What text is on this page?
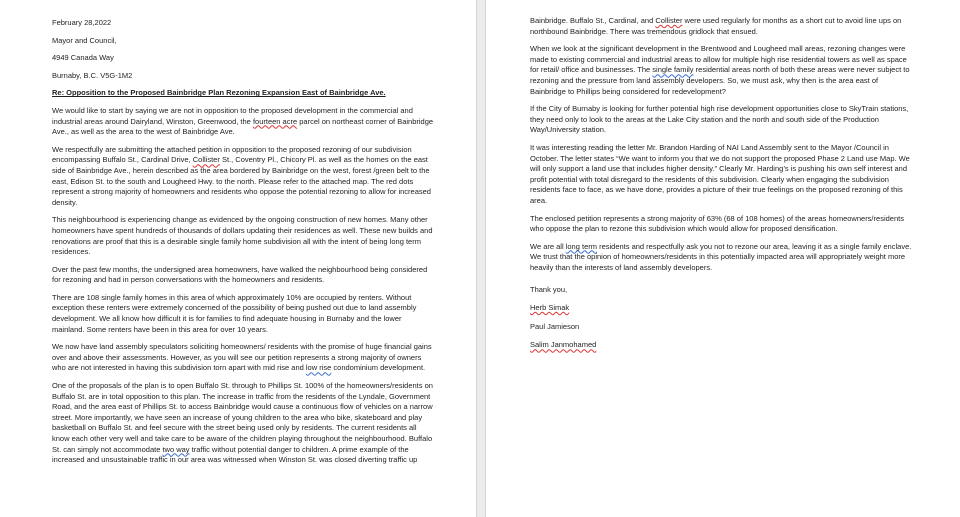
February 28,2022
Mayor and Council,
4949 Canada Way
Burnaby, B.C. V5G-1M2
Re: Opposition to the Proposed Bainbridge Plan Rezoning Expansion East of Bainbridge Ave.

We would like to start by saying we are not in opposition to the proposed development in the commercial and industrial areas around Dairyland, Winston, Greenwood, the fourteen acre parcel on northeast corner of Bainbridge Ave., as well as the area to the west of Bainbridge Ave.

We respectfully are submitting the attached petition in opposition to the proposed rezoning of our subdivision encompassing Buffalo St., Cardinal Drive, Collister St., Coventry Pl., Chicory Pl. as well as the homes on the east side of Bainbridge Ave., herein described as the area bordered by Bainbridge on the west, forest /green belt to the east, Edison St. to the south and Lougheed Hwy. to the north. Please refer to the attached map. The red dots represent a strong majority of homeowners and residents who oppose the potential rezoning to allow for increased density.

This neighbourhood is experiencing change as evidenced by the ongoing construction of new homes. Many other homeowners have spent hundreds of thousands of dollars updating their residences as well. These new builds and renovations are proof that this is a desirable single family home subdivision all with the intent of being long term residences.

Over the past few months, the undersigned area homeowners, have walked the neighbourhood being considered for rezoning and had in person conversations with the homeowners and residents.

There are 108 single family homes in this area of which approximately 10% are occupied by renters. Without exception these renters were extremely concerned of the possibility of being pushed out due to land assembly development. We all know how difficult it is for families to find adequate housing in Burnaby and the lower mainland. Some renters have been in this area for over 10 years.

We now have land assembly speculators soliciting homeowners/ residents with the promise of huge financial gains over and above their assessments. However, as you will see our petition represents a strong majority of owners who are not interested in having this subdivision torn apart with mid rise and low rise condominium development.

One of the proposals of the plan is to open Buffalo St. through to Phillips St. 100% of the homeowners/residents on Buffalo St. are in total opposition to this plan. The increase in traffic from the residents of the Lyndale, Government Road, and the area east of Phillips St. to access Bainbridge would cause a continuous flow of vehicles on a narrow street. More importantly, we have seen an increase of young children to the area who bike, skateboard and play basketball on Buffalo St. and feel secure with the street being used only by residents. The current residents all know each other very well and take care to be aware of the children playing throughout the neighbourhood. Buffalo St. can simply not accommodate two way traffic without potential danger to children. A prime example of the increased and unsustainable traffic in our area was witnessed when Winston St. was closed diverting traffic up

Bainbridge. Buffalo St., Cardinal, and Collister were used regularly for months as a short cut to avoid line ups on northbound Bainbridge. There was tremendous gridlock that ensued.

When we look at the significant development in the Brentwood and Lougheed mall areas, rezoning changes were made to existing commercial and industrial areas to allow for multiple high rise residential towers as well as space for retail/ office and businesses. The single family residential areas north of both these areas were never subject to rezoning and the pressure from land assembly developers. So, we must ask, why then is the area east of Bainbridge to Phillips being considered for redevelopment?

If the City of Burnaby is looking for further potential high rise development opportunities close to SkyTrain stations, they need only to look to the areas at the Lake City station and the north and south side of the Production Way/University station.

It was interesting reading the letter Mr. Brandon Harding of NAI Land Assembly sent to the Mayor /Council in October. The letter states “We want to inform you that we do not support the proposed Phase 2 Land use Map. We will only support a land use that includes higher density.” Clearly Mr. Harding’s is pushing his own self interest and profit potential with total disregard to the residents of this subdivision. Clearly when engaging the subdivision residents face to face, as we have done, provides a picture of their true feelings on the proposed rezoning of this area.

The enclosed petition represents a strong majority of 63% (68 of 108 homes) of the areas homeowners/residents who oppose the plan to rezone this subdivision which would allow for proposed densification.

We are all long term residents and respectfully ask you not to rezone our area, leaving it as a single family enclave. We trust that the opinion of homeowners/residents in this potentially impacted area will appropriately weight more heavily than the interests of land assembly developers.

Thank you,

Herb Simak
Paul Jamieson
Salim Janmohamed
